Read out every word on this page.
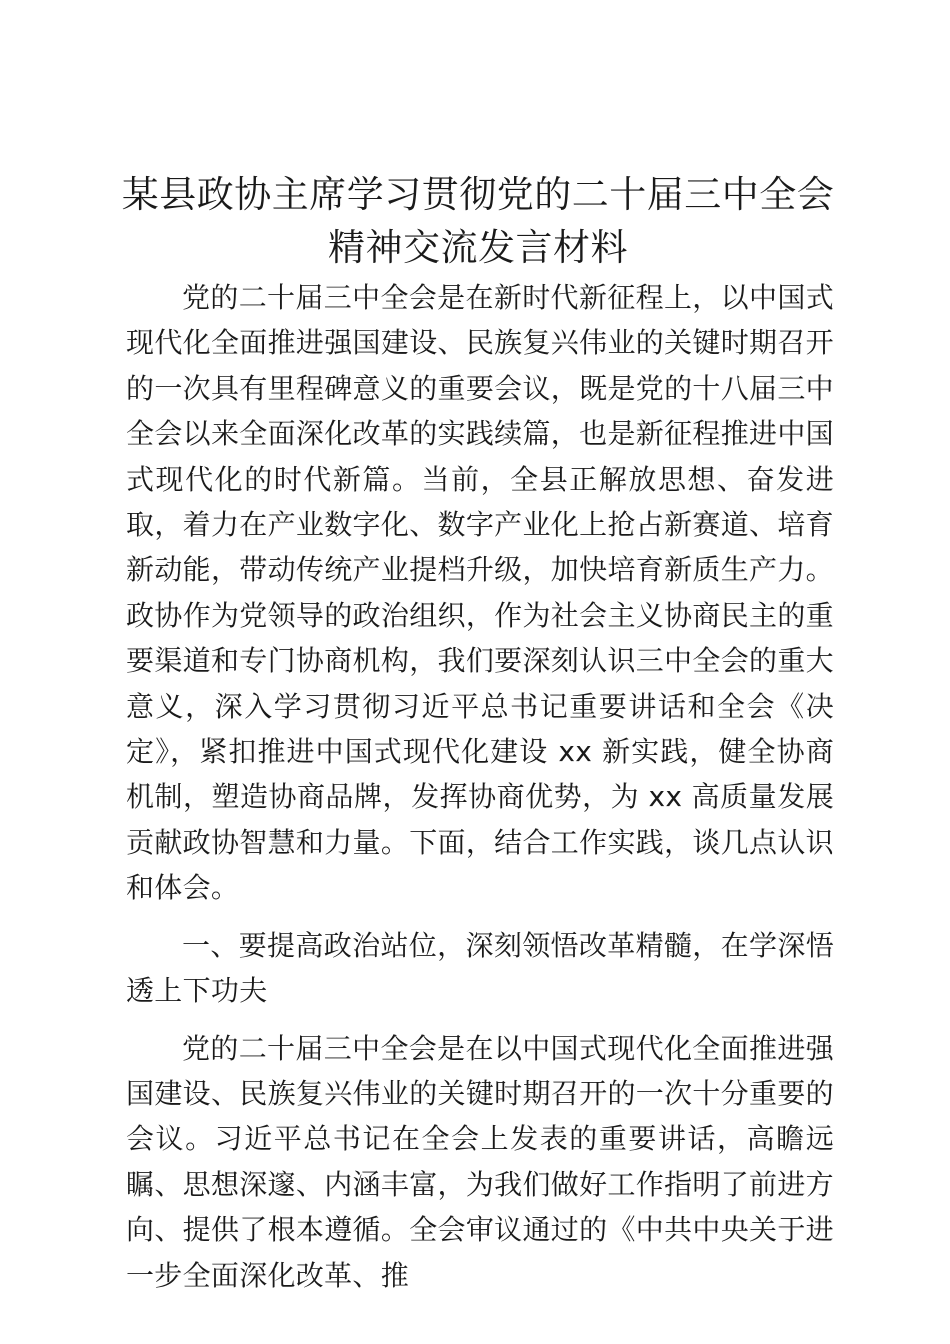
某县政协主席学习贯彻党的二十届三中全会精神交流发言材料

党的二十届三中全会是在新时代新征程上，以中国式现代化全面推进强国建设、民族复兴伟业的关键时期召开的一次具有里程碑意义的重要会议，既是党的十八届三中全会以来全面深化改革的实践续篇，也是新征程推进中国式现代化的时代新篇。当前，全县正解放思想、奋发进取，着力在产业数字化、数字产业化上抢占新赛道、培育新动能，带动传统产业提档升级，加快培育新质生产力。政协作为党领导的政治组织，作为社会主义协商民主的重要渠道和专门协商机构，我们要深刻认识三中全会的重大意义，深入学习贯彻习近平总书记重要讲话和全会《决定》，紧扣推进中国式现代化建设 xx 新实践，健全协商机制，塑造协商品牌，发挥协商优势，为 xx 高质量发展贡献政协智慧和力量。下面，结合工作实践，谈几点认识和体会。

一、要提高政治站位，深刻领悟改革精髓，在学深悟透上下功夫

党的二十届三中全会是在以中国式现代化全面推进强国建设、民族复兴伟业的关键时期召开的一次十分重要的会议。习近平总书记在全会上发表的重要讲话，高瞻远瞩、思想深邃、内涵丰富，为我们做好工作指明了前进方向、提供了根本遵循。全会审议通过的《中共中央关于进一步全面深化改革、推
